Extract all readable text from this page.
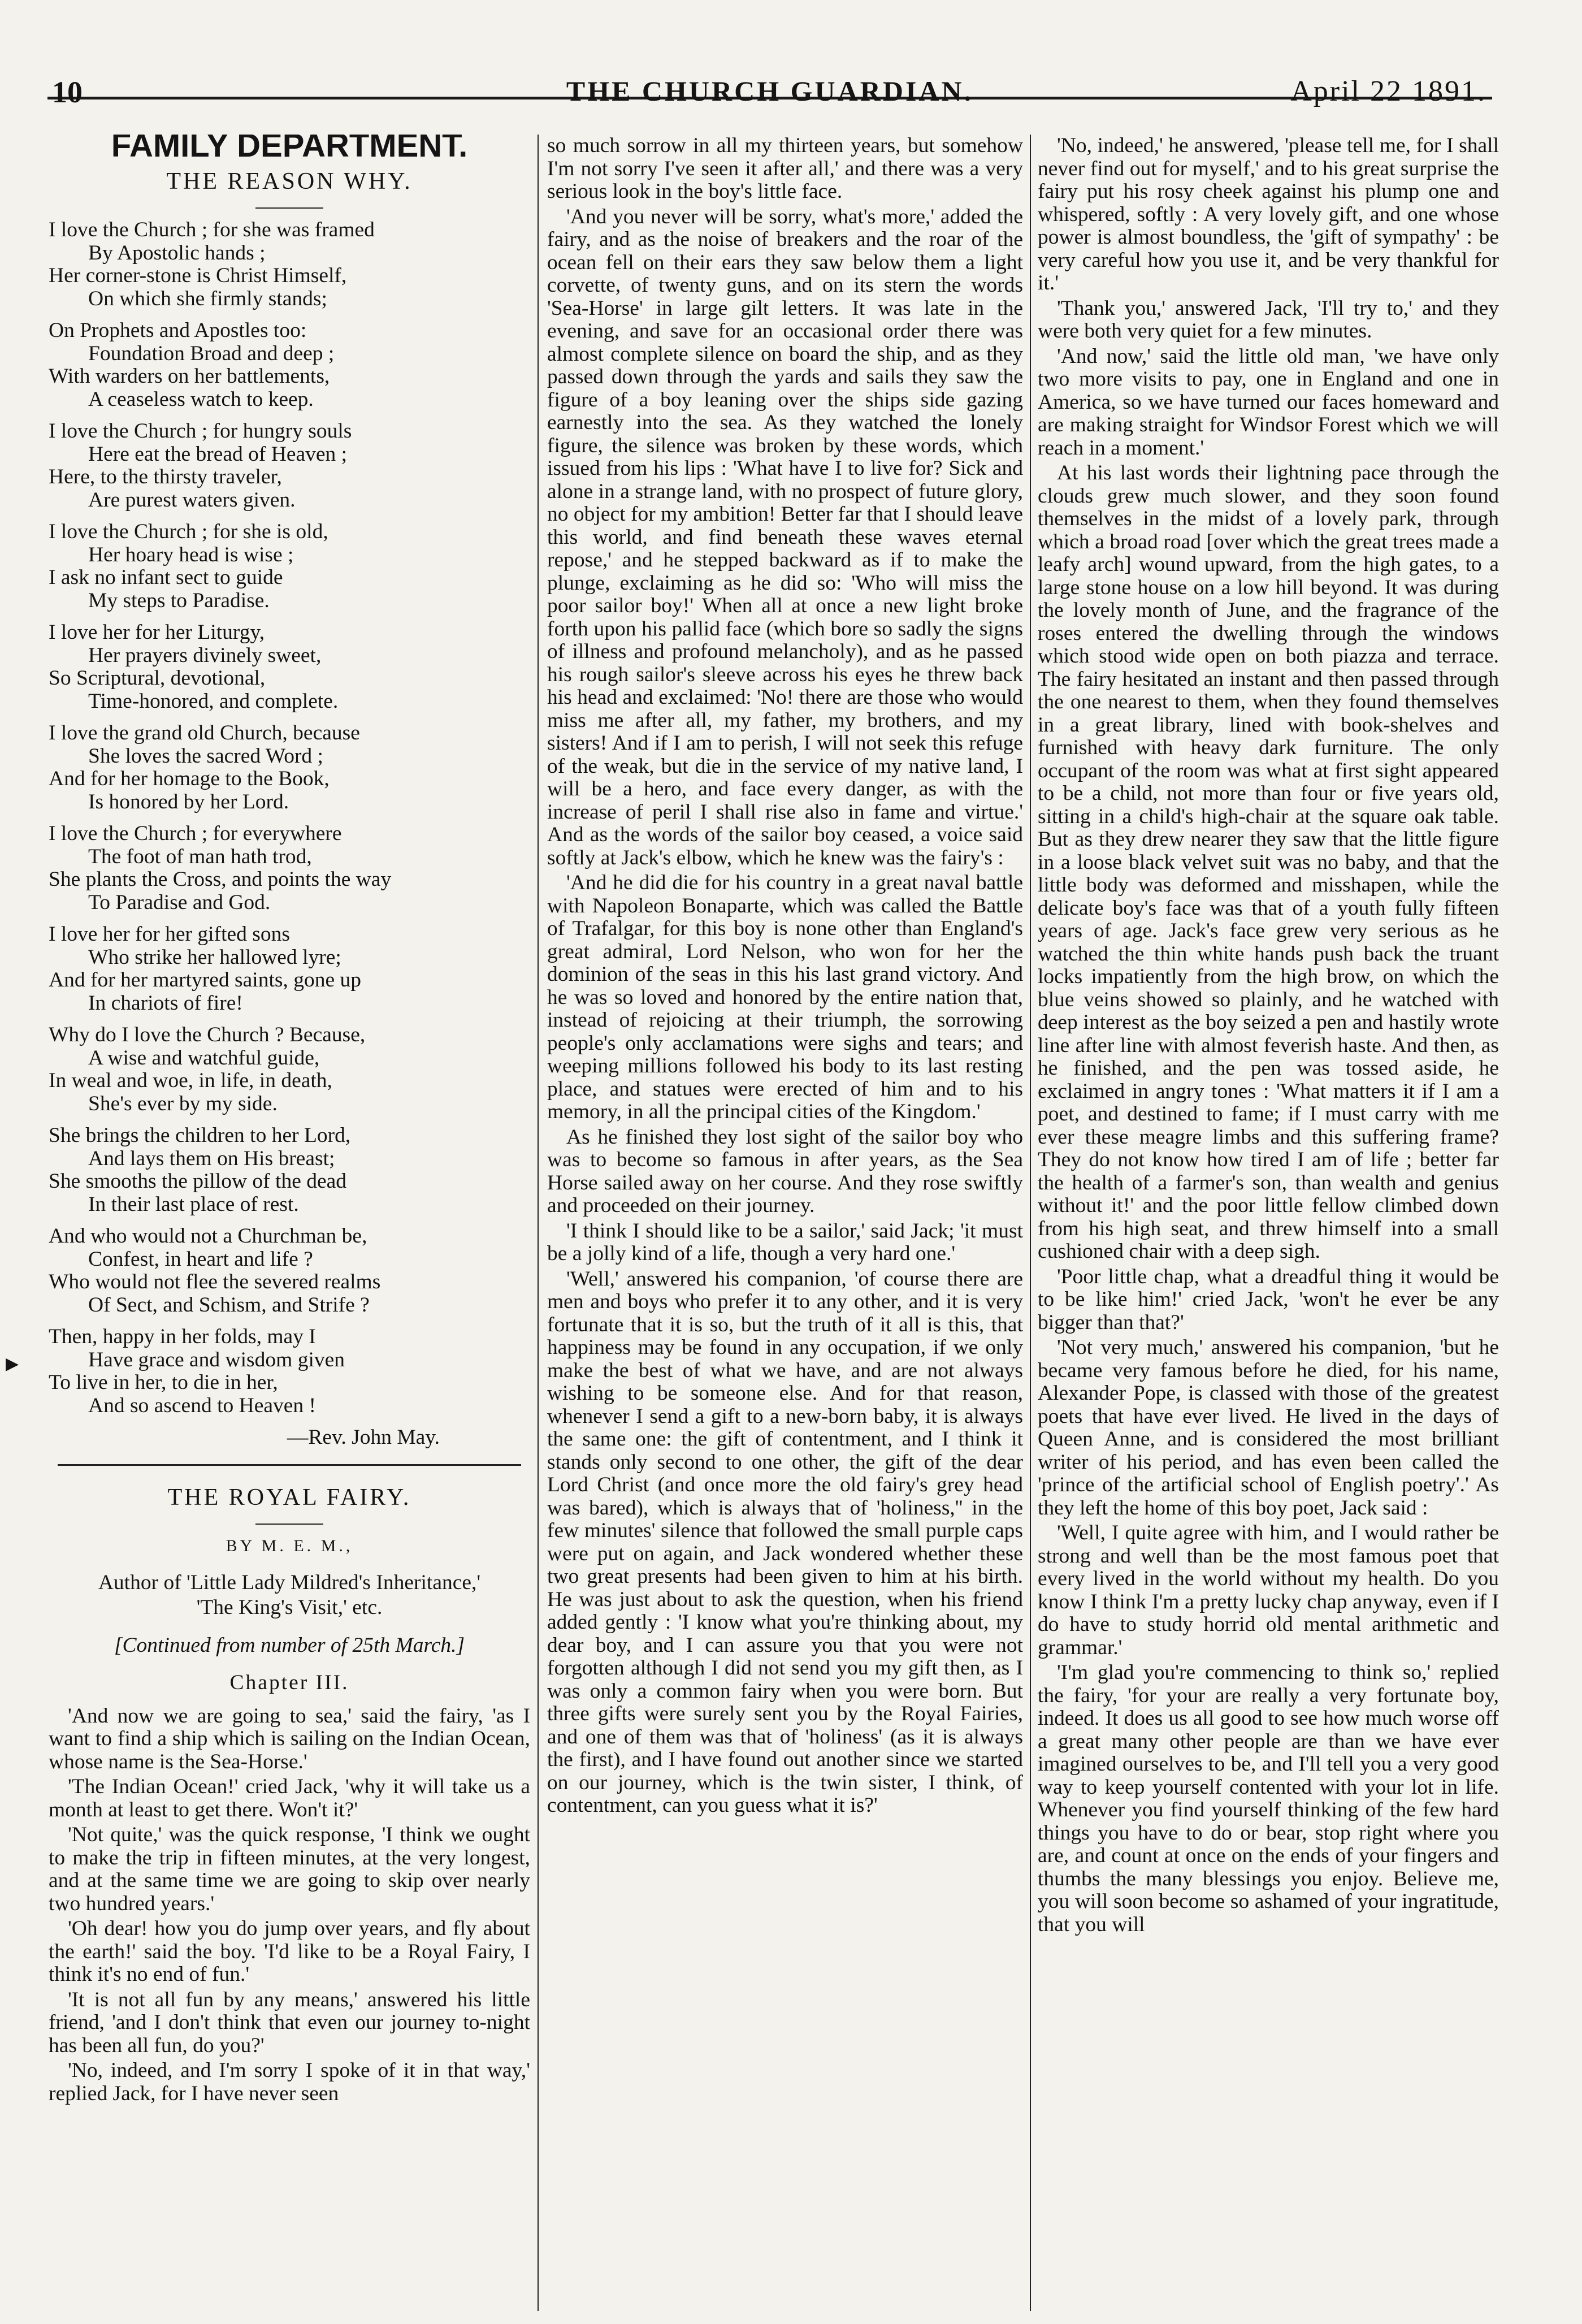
10	THE CHURCH GUARDIAN.	April 22 1891.
▶
FAMILY DEPARTMENT.
THE REASON WHY.
I love the Church ; for she was framed
By Apostolic hands ;
Her corner-stone is Christ Himself,
On which she firmly stands;
On Prophets and Apostles too:
Foundation Broad and deep ;
With warders on her battlements,
A ceaseless watch to keep.
I love the Church ; for hungry souls
Here eat the bread of Heaven ;
Here, to the thirsty traveler,
Are purest waters given.
I love the Church ; for she is old,
Her hoary head is wise ;
I ask no infant sect to guide
My steps to Paradise.
I love her for her Liturgy,
Her prayers divinely sweet,
So Scriptural, devotional,
Time-honored, and complete.
I love the grand old Church, because
She loves the sacred Word ;
And for her homage to the Book,
Is honored by her Lord.
I love the Church ; for everywhere
The foot of man hath trod,
She plants the Cross, and points the way
To Paradise and God.
I love her for her gifted sons
Who strike her hallowed lyre;
And for her martyred saints, gone up
In chariots of fire!
Why do I love the Church ? Because,
A wise and watchful guide,
In weal and woe, in life, in death,
She's ever by my side.
She brings the children to her Lord,
And lays them on His breast;
She smooths the pillow of the dead
In their last place of rest.
And who would not a Churchman be,
Confest, in heart and life ?
Who would not flee the severed realms
Of Sect, and Schism, and Strife ?
Then, happy in her folds, may I
Have grace and wisdom given
To live in her, to die in her,
And so ascend to Heaven !
—Rev. John May.
THE ROYAL FAIRY.
BY M. E. M.,
Author of 'Little Lady Mildred's Inheritance,'
'The King's Visit,' etc.
[Continued from number of 25th March.]
Chapter III.

'And now we are going to sea,' said the fairy, 'as I want to find a ship which is sailing on the Indian Ocean, whose name is the Sea-Horse.'

'The Indian Ocean!' cried Jack, 'why it will take us a month at least to get there. Won't it?'

'Not quite,' was the quick response, 'I think we ought to make the trip in fifteen minutes, at the very longest, and at the same time we are going to skip over nearly two hundred years.'

'Oh dear! how you do jump over years, and fly about the earth!' said the boy. 'I'd like to be a Royal Fairy, I think it's no end of fun.'

'It is not all fun by any means,' answered his little friend, 'and I don't think that even our journey to-night has been all fun, do you?'

'No, indeed, and I'm sorry I spoke of it in that way,' replied Jack, for I have never seen

so much sorrow in all my thirteen years, but somehow I'm not sorry I've seen it after all,' and there was a very serious look in the boy's little face.

'And you never will be sorry, what's more,' added the fairy, and as the noise of breakers and the roar of the ocean fell on their ears they saw below them a light corvette, of twenty guns, and on its stern the words 'Sea-Horse' in large gilt letters. It was late in the evening, and save for an occasional order there was almost complete silence on board the ship, and as they passed down through the yards and sails they saw the figure of a boy leaning over the ships side gazing earnestly into the sea. As they watched the lonely figure, the silence was broken by these words, which issued from his lips : 'What have I to live for? Sick and alone in a strange land, with no prospect of future glory, no object for my ambition! Better far that I should leave this world, and find beneath these waves eternal repose,' and he stepped backward as if to make the plunge, exclaiming as he did so: 'Who will miss the poor sailor boy!' When all at once a new light broke forth upon his pallid face (which bore so sadly the signs of illness and profound melancholy), and as he passed his rough sailor's sleeve across his eyes he threw back his head and exclaimed: 'No! there are those who would miss me after all, my father, my brothers, and my sisters! And if I am to perish, I will not seek this refuge of the weak, but die in the service of my native land, I will be a hero, and face every danger, as with the increase of peril I shall rise also in fame and virtue.' And as the words of the sailor boy ceased, a voice said softly at Jack's elbow, which he knew was the fairy's :

'And he did die for his country in a great naval battle with Napoleon Bonaparte, which was called the Battle of Trafalgar, for this boy is none other than England's great admiral, Lord Nelson, who won for her the dominion of the seas in this his last grand victory. And he was so loved and honored by the entire nation that, instead of rejoicing at their triumph, the sorrowing people's only acclamations were sighs and tears; and weeping millions followed his body to its last resting place, and statues were erected of him and to his memory, in all the principal cities of the Kingdom.'

As he finished they lost sight of the sailor boy who was to become so famous in after years, as the Sea Horse sailed away on her course. And they rose swiftly and proceeded on their journey.

'I think I should like to be a sailor,' said Jack; 'it must be a jolly kind of a life, though a very hard one.'

'Well,' answered his companion, 'of course there are men and boys who prefer it to any other, and it is very fortunate that it is so, but the truth of it all is this, that happiness may be found in any occupation, if we only make the best of what we have, and are not always wishing to be someone else. And for that reason, whenever I send a gift to a new-born baby, it is always the same one: the gift of contentment, and I think it stands only second to one other, the gift of the dear Lord Christ (and once more the old fairy's grey head was bared), which is always that of 'holiness,'' in the few minutes' silence that followed the small purple caps were put on again, and Jack wondered whether these two great presents had been given to him at his birth. He was just about to ask the question, when his friend added gently : 'I know what you're thinking about, my dear boy, and I can assure you that you were not forgotten although I did not send you my gift then, as I was only a common fairy when you were born. But three gifts were surely sent you by the Royal Fairies, and one of them was that of 'holiness' (as it is always the first), and I have found out another since we started on our journey, which is the twin sister, I think, of contentment, can you guess what it is?'

'No, indeed,' he answered, 'please tell me, for I shall never find out for myself,' and to his great surprise the fairy put his rosy cheek against his plump one and whispered, softly : A very lovely gift, and one whose power is almost boundless, the 'gift of sympathy' : be very careful how you use it, and be very thankful for it.'

'Thank you,' answered Jack, 'I'll try to,' and they were both very quiet for a few minutes.

'And now,' said the little old man, 'we have only two more visits to pay, one in England and one in America, so we have turned our faces homeward and are making straight for Windsor Forest which we will reach in a moment.'

At his last words their lightning pace through the clouds grew much slower, and they soon found themselves in the midst of a lovely park, through which a broad road [over which the great trees made a leafy arch] wound upward, from the high gates, to a large stone house on a low hill beyond. It was during the lovely month of June, and the fragrance of the roses entered the dwelling through the windows which stood wide open on both piazza and terrace. The fairy hesitated an instant and then passed through the one nearest to them, when they found themselves in a great library, lined with book-shelves and furnished with heavy dark furniture. The only occupant of the room was what at first sight appeared to be a child, not more than four or five years old, sitting in a child's high-chair at the square oak table. But as they drew nearer they saw that the little figure in a loose black velvet suit was no baby, and that the little body was deformed and misshapen, while the delicate boy's face was that of a youth fully fifteen years of age. Jack's face grew very serious as he watched the thin white hands push back the truant locks impatiently from the high brow, on which the blue veins showed so plainly, and he watched with deep interest as the boy seized a pen and hastily wrote line after line with almost feverish haste. And then, as he finished, and the pen was tossed aside, he exclaimed in angry tones : 'What matters it if I am a poet, and destined to fame; if I must carry with me ever these meagre limbs and this suffering frame? They do not know how tired I am of life ; better far the health of a farmer's son, than wealth and genius without it!' and the poor little fellow climbed down from his high seat, and threw himself into a small cushioned chair with a deep sigh.

'Poor little chap, what a dreadful thing it would be to be like him!' cried Jack, 'won't he ever be any bigger than that?'

'Not very much,' answered his companion, 'but he became very famous before he died, for his name, Alexander Pope, is classed with those of the greatest poets that have ever lived. He lived in the days of Queen Anne, and is considered the most brilliant writer of his period, and has even been called the 'prince of the artificial school of English poetry'.' As they left the home of this boy poet, Jack said :

'Well, I quite agree with him, and I would rather be strong and well than be the most famous poet that every lived in the world without my health. Do you know I think I'm a pretty lucky chap anyway, even if I do have to study horrid old mental arithmetic and grammar.'

'I'm glad you're commencing to think so,' replied the fairy, 'for your are really a very fortunate boy, indeed. It does us all good to see how much worse off a great many other people are than we have ever imagined ourselves to be, and I'll tell you a very good way to keep yourself contented with your lot in life. Whenever you find yourself thinking of the few hard things you have to do or bear, stop right where you are, and count at once on the ends of your fingers and thumbs the many blessings you enjoy. Believe me, you will soon become so ashamed of your ingratitude, that you will
